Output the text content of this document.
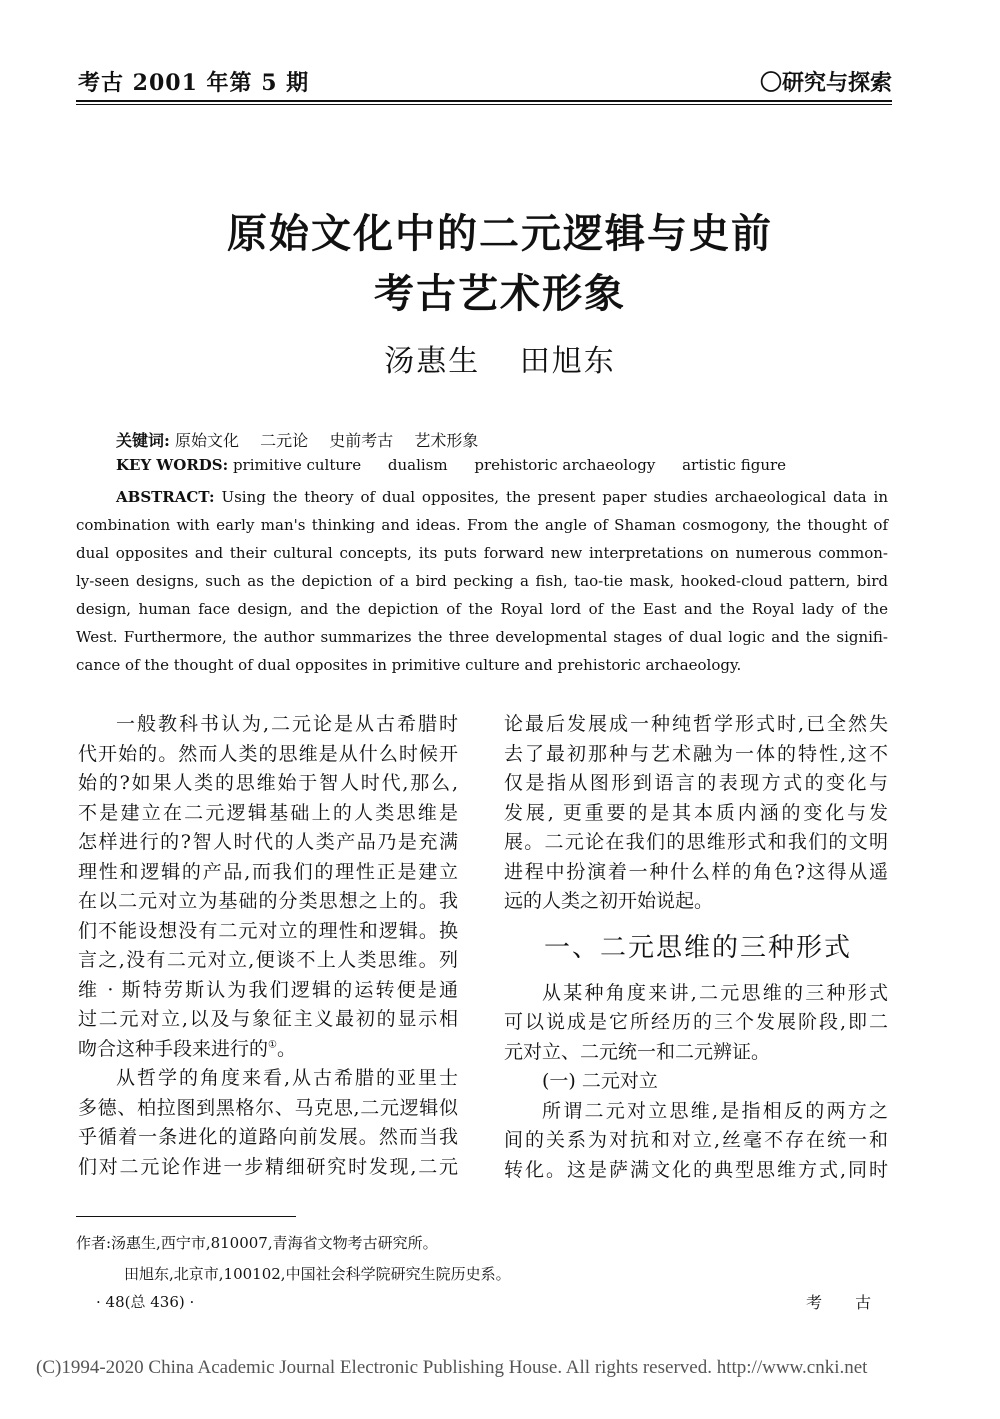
考古 2001 年第 5 期	〇研究与探索
原始文化中的二元逻辑与史前
考古艺术形象
汤惠生 田旭东
关键词: 原始文化 二元论 史前考古 艺术形象
KEY WORDS: primitive culture dualism prehistoric archaeology artistic figure
ABSTRACT: Using the theory of dual opposites, the present paper studies archaeological data in
combination with early man's thinking and ideas. From the angle of Shaman cosmogony, the thought of
dual opposites and their cultural concepts, its puts forward new interpretations on numerous common-
ly-seen designs, such as the depiction of a bird pecking a fish, tao-tie mask, hooked-cloud pattern, bird
design, human face design, and the depiction of the Royal lord of the East and the Royal lady of the
West. Furthermore, the author summarizes the three developmental stages of dual logic and the signifi-
cance of the thought of dual opposites in primitive culture and prehistoric archaeology.
一般教科书认为,二元论是从古希腊时
代开始的。然而人类的思维是从什么时候开
始的?如果人类的思维始于智人时代,那么,
不是建立在二元逻辑基础上的人类思维是
怎样进行的?智人时代的人类产品乃是充满
理性和逻辑的产品,而我们的理性正是建立
在以二元对立为基础的分类思想之上的。我
们不能设想没有二元对立的理性和逻辑。换
言之,没有二元对立,便谈不上人类思维。列
维 · 斯特劳斯认为我们逻辑的运转便是通
过二元对立,以及与象征主义最初的显示相
吻合这种手段来进行的①。
从哲学的角度来看,从古希腊的亚里士
多德、柏拉图到黑格尔、马克思,二元逻辑似
乎循着一条进化的道路向前发展。然而当我
们对二元论作进一步精细研究时发现,二元
论最后发展成一种纯哲学形式时,已全然失
去了最初那种与艺术融为一体的特性,这不
仅是指从图形到语言的表现方式的变化与
发展, 更重要的是其本质内涵的变化与发
展。二元论在我们的思维形式和我们的文明
进程中扮演着一种什么样的角色?这得从遥
远的人类之初开始说起。
一、二元思维的三种形式
从某种角度来讲,二元思维的三种形式
可以说成是它所经历的三个发展阶段,即二
元对立、二元统一和二元辨证。
(一) 二元对立
所谓二元对立思维,是指相反的两方之
间的关系为对抗和对立,丝毫不存在统一和
转化。这是萨满文化的典型思维方式,同时
作者:汤惠生,西宁市,810007,青海省文物考古研究所。
田旭东,北京市,100102,中国社会科学院研究生院历史系。
· 48(总 436) ·	考 古
(C)1994-2020 China Academic Journal Electronic Publishing House. All rights reserved. http://www.cnki.net
